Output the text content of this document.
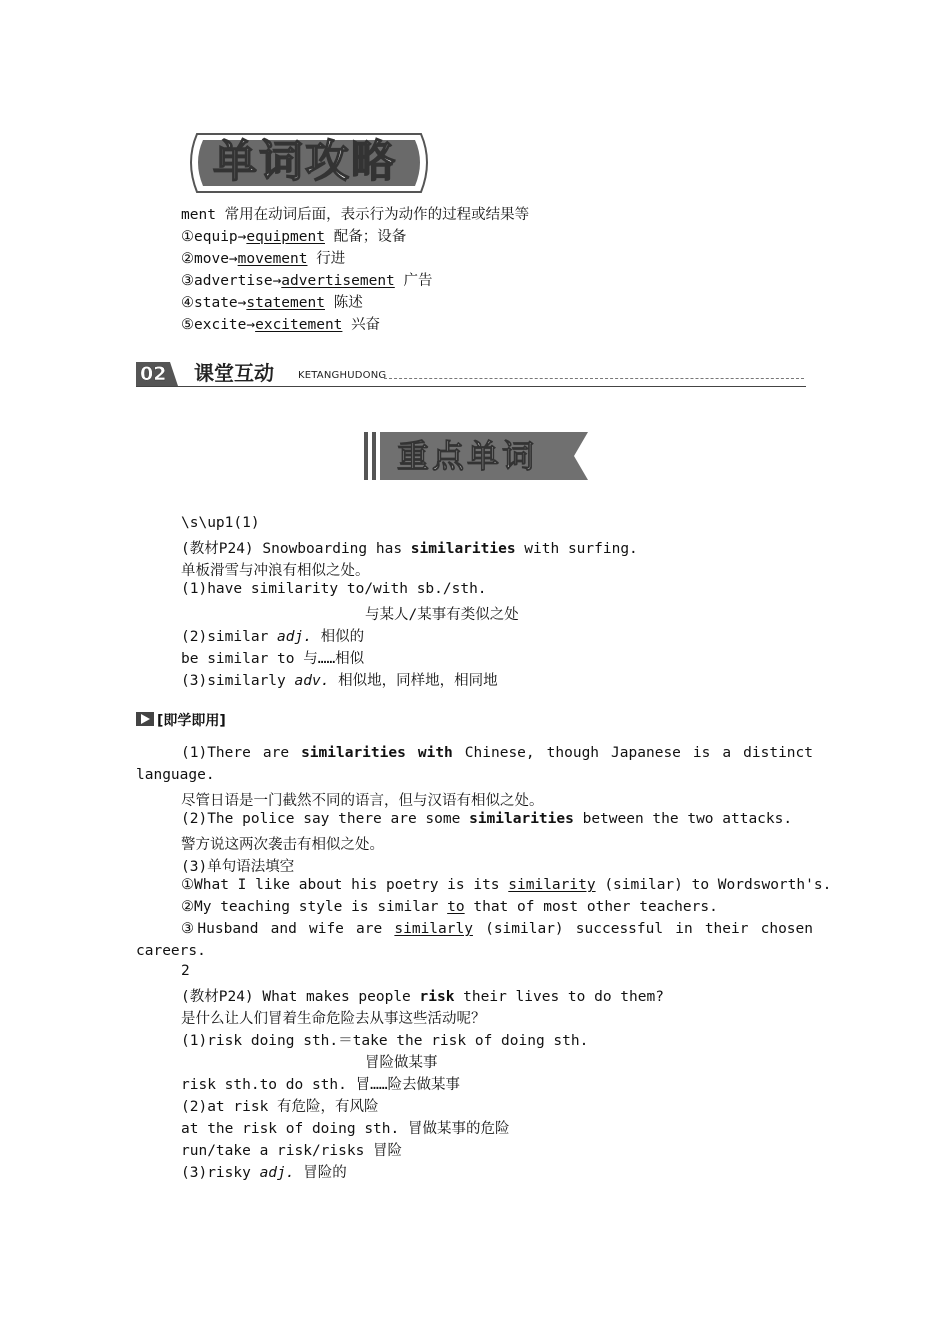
单词攻略
ment 常用在动词后面，表示行为动作的过程或结果等
①equip→equipment 配备；设备
②move→movement 行进
③advertise→advertisement 广告
④state→statement 陈述
⑤excite→excitement 兴奋
02 课堂互动 KETANGHUDONG
重点单词
\s\up1(1)
(教材P24) Snowboarding has similarities with surfing.
单板滑雪与冲浪有相似之处。
(1)have similarity to/with sb./sth.
与某人/某事有类似之处
(2)similar adj. 相似的
be similar to 与……相似
(3)similarly adv. 相似地，同样地，相同地
[即学即用]
(1)There are similarities with Chinese, though Japanese is a distinct
language.
尽管日语是一门截然不同的语言，但与汉语有相似之处。
(2)The police say there are some similarities between the two attacks.
警方说这两次袭击有相似之处。
(3)单句语法填空
①What I like about his poetry is its similarity (similar) to Wordsworth's.
②My teaching style is similar to that of most other teachers.
③Husband and wife are similarly (similar) successful in their chosen
careers.
2
(教材P24) What makes people risk their lives to do them?
是什么让人们冒着生命危险去从事这些活动呢？
(1)risk doing sth.＝take the risk of doing sth.
冒险做某事
risk sth.to do sth. 冒……险去做某事
(2)at risk 有危险，有风险
at the risk of doing sth. 冒做某事的危险
run/take a risk/risks 冒险
(3)risky adj. 冒险的
